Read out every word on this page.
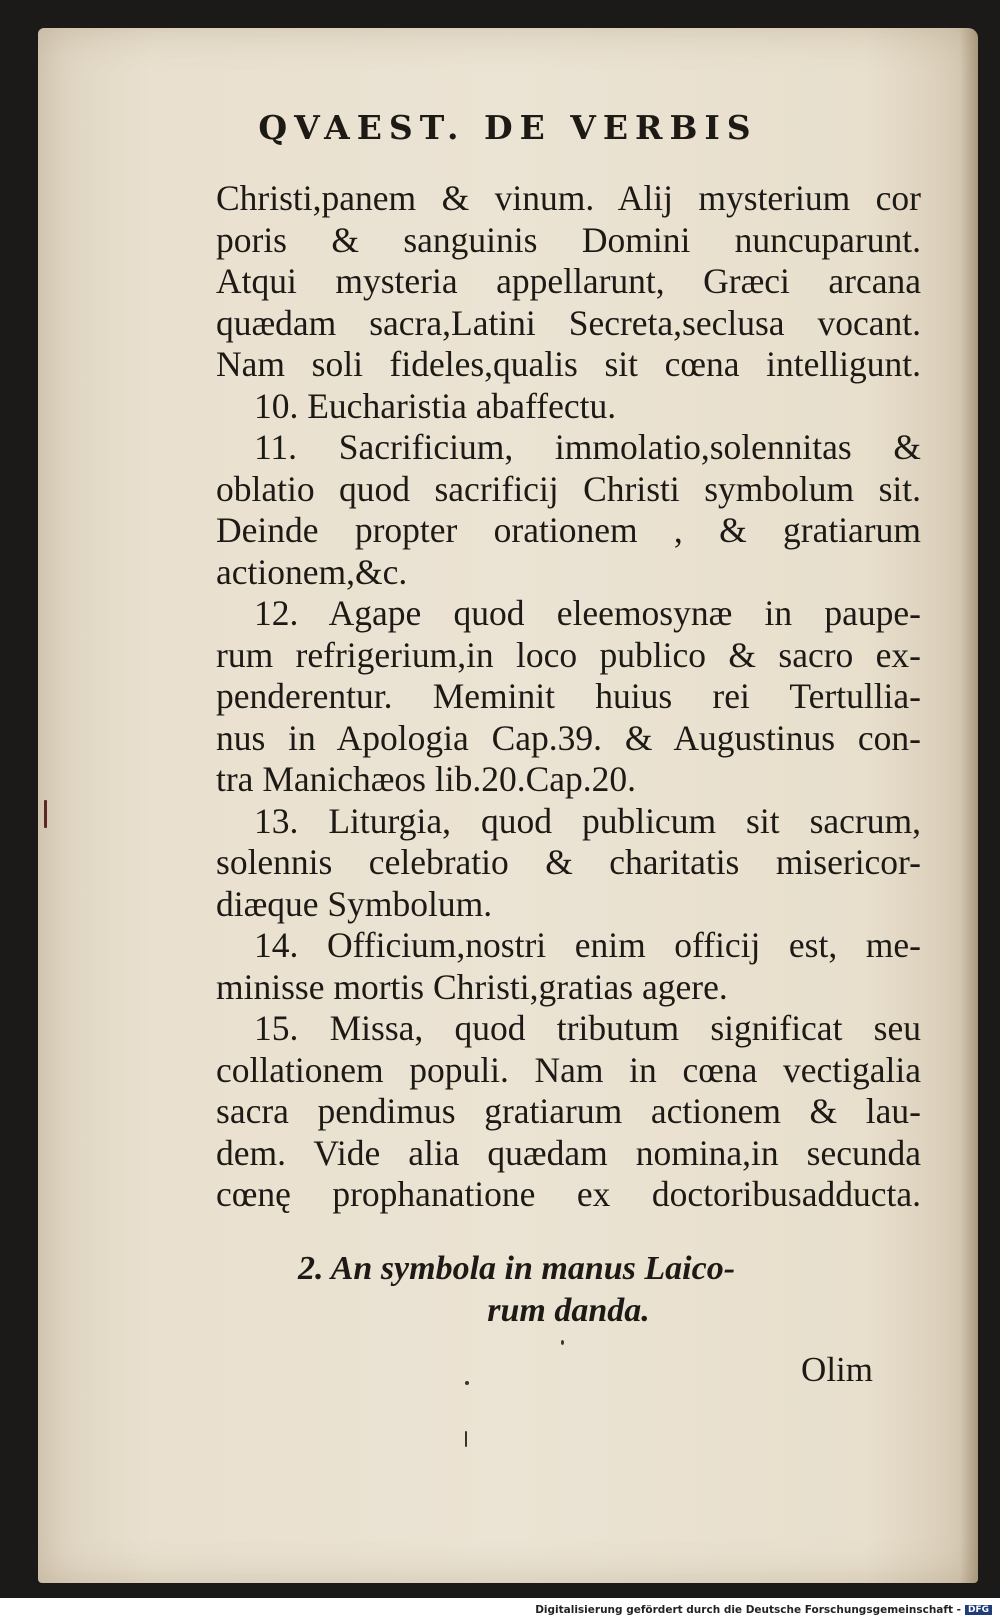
QVAEST. DE VERBIS
Christi,panem & vinum. Alij mysterium cor
poris & sanguinis Domini nuncuparunt.
Atqui mysteria appellarunt, Græci arcana
quædam sacra,Latini Secreta,seclusa vocant.
Nam soli fideles,qualis sit cœna intelligunt.
10. Eucharistia abaffectu.
11. Sacrificium, immolatio,solennitas &
oblatio quod sacrificij Christi symbolum sit.
Deinde propter orationem , & gratiarum
actionem,&c.
12. Agape quod eleemosynæ in paupe-
rum refrigerium,in loco publico & sacro ex-
penderentur. Meminit huius rei Tertullia-
nus in Apologia Cap.39. & Augustinus con-
tra Manichæos lib.20.Cap.20.
13. Liturgia, quod publicum sit sacrum,
solennis celebratio & charitatis misericor-
diæque Symbolum.
14. Officium,nostri enim officij est, me-
minisse mortis Christi,gratias agere.
15. Missa, quod tributum significat seu
collationem populi. Nam in cœna vectigalia
sacra pendimus gratiarum actionem & lau-
dem. Vide alia quædam nomina,in secunda
cœnę prophanatione ex doctoribusadducta.
2. An symbola in manus Laico-
rum danda.
Olim
Digitalisierung gefördert durch die Deutsche Forschungsgemeinschaft - DFG
